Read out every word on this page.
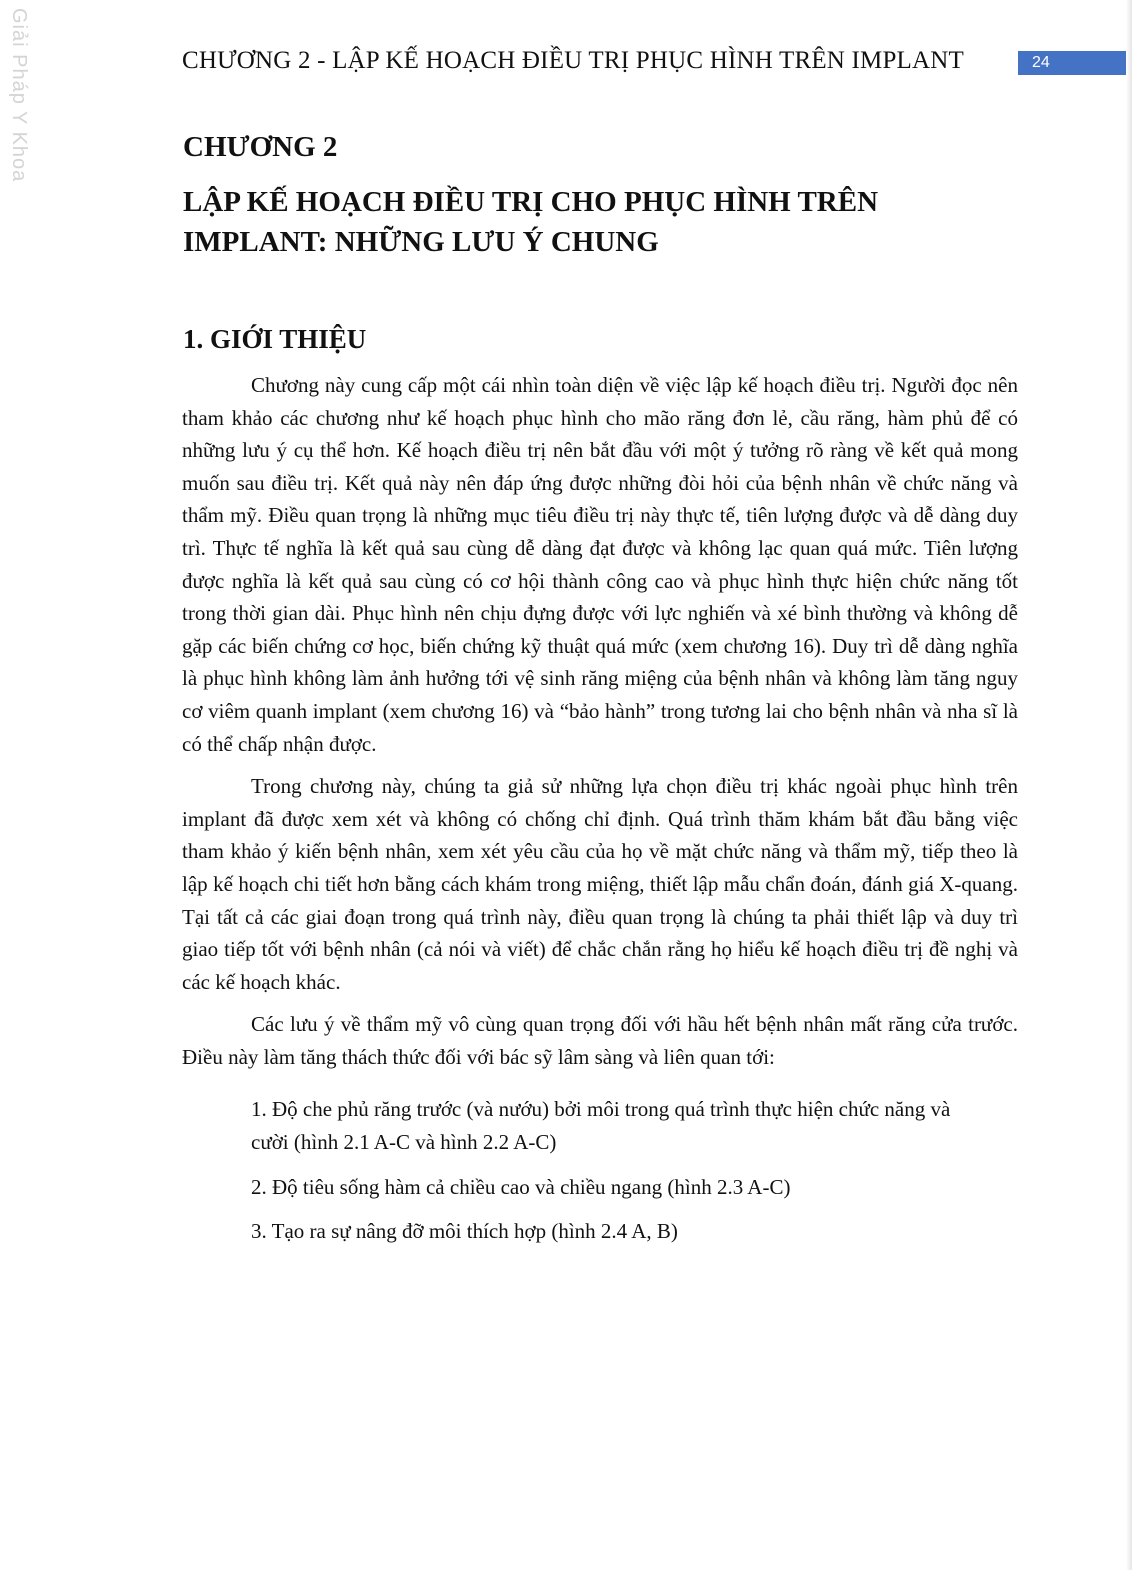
Giải Pháp Y Khoa	CHƯƠNG 2 - LẬP KẾ HOẠCH ĐIỀU TRỊ PHỤC HÌNH TRÊN IMPLANT	24
CHƯƠNG 2
LẬP KẾ HOẠCH ĐIỀU TRỊ CHO PHỤC HÌNH TRÊN
IMPLANT: NHỮNG LƯU Ý CHUNG
1. GIỚI THIỆU

Chương này cung cấp một cái nhìn toàn diện về việc lập kế hoạch điều trị. Người đọc nên tham khảo các chương như kế hoạch phục hình cho mão răng đơn lẻ, cầu răng, hàm phủ để có những lưu ý cụ thể hơn. Kế hoạch điều trị nên bắt đầu với một ý tưởng rõ ràng về kết quả mong muốn sau điều trị. Kết quả này nên đáp ứng được những đòi hỏi của bệnh nhân về chức năng và thẩm mỹ. Điều quan trọng là những mục tiêu điều trị này thực tế, tiên lượng được và dễ dàng duy trì. Thực tế nghĩa là kết quả sau cùng dễ dàng đạt được và không lạc quan quá mức. Tiên lượng được nghĩa là kết quả sau cùng có cơ hội thành công cao và phục hình thực hiện chức năng tốt trong thời gian dài. Phục hình nên chịu đựng được với lực nghiến và xé bình thường và không dễ gặp các biến chứng cơ học, biến chứng kỹ thuật quá mức (xem chương 16). Duy trì dễ dàng nghĩa là phục hình không làm ảnh hưởng tới vệ sinh răng miệng của bệnh nhân và không làm tăng nguy cơ viêm quanh implant (xem chương 16) và “bảo hành” trong tương lai cho bệnh nhân và nha sĩ là có thể chấp nhận được.

Trong chương này, chúng ta giả sử những lựa chọn điều trị khác ngoài phục hình trên implant đã được xem xét và không có chống chỉ định. Quá trình thăm khám bắt đầu bằng việc tham khảo ý kiến bệnh nhân, xem xét yêu cầu của họ về mặt chức năng và thẩm mỹ, tiếp theo là lập kế hoạch chi tiết hơn bằng cách khám trong miệng, thiết lập mẫu chẩn đoán, đánh giá X-quang. Tại tất cả các giai đoạn trong quá trình này, điều quan trọng là chúng ta phải thiết lập và duy trì giao tiếp tốt với bệnh nhân (cả nói và viết) để chắc chắn rằng họ hiểu kế hoạch điều trị đề nghị và các kế hoạch khác.

Các lưu ý về thẩm mỹ vô cùng quan trọng đối với hầu hết bệnh nhân mất răng cửa trước. Điều này làm tăng thách thức đối với bác sỹ lâm sàng và liên quan tới:

1. Độ che phủ răng trước (và nướu) bởi môi trong quá trình thực hiện chức năng và cười (hình 2.1 A-C và hình 2.2 A-C)
2. Độ tiêu sống hàm cả chiều cao và chiều ngang (hình 2.3 A-C)
3. Tạo ra sự nâng đỡ môi thích hợp (hình 2.4 A, B)
